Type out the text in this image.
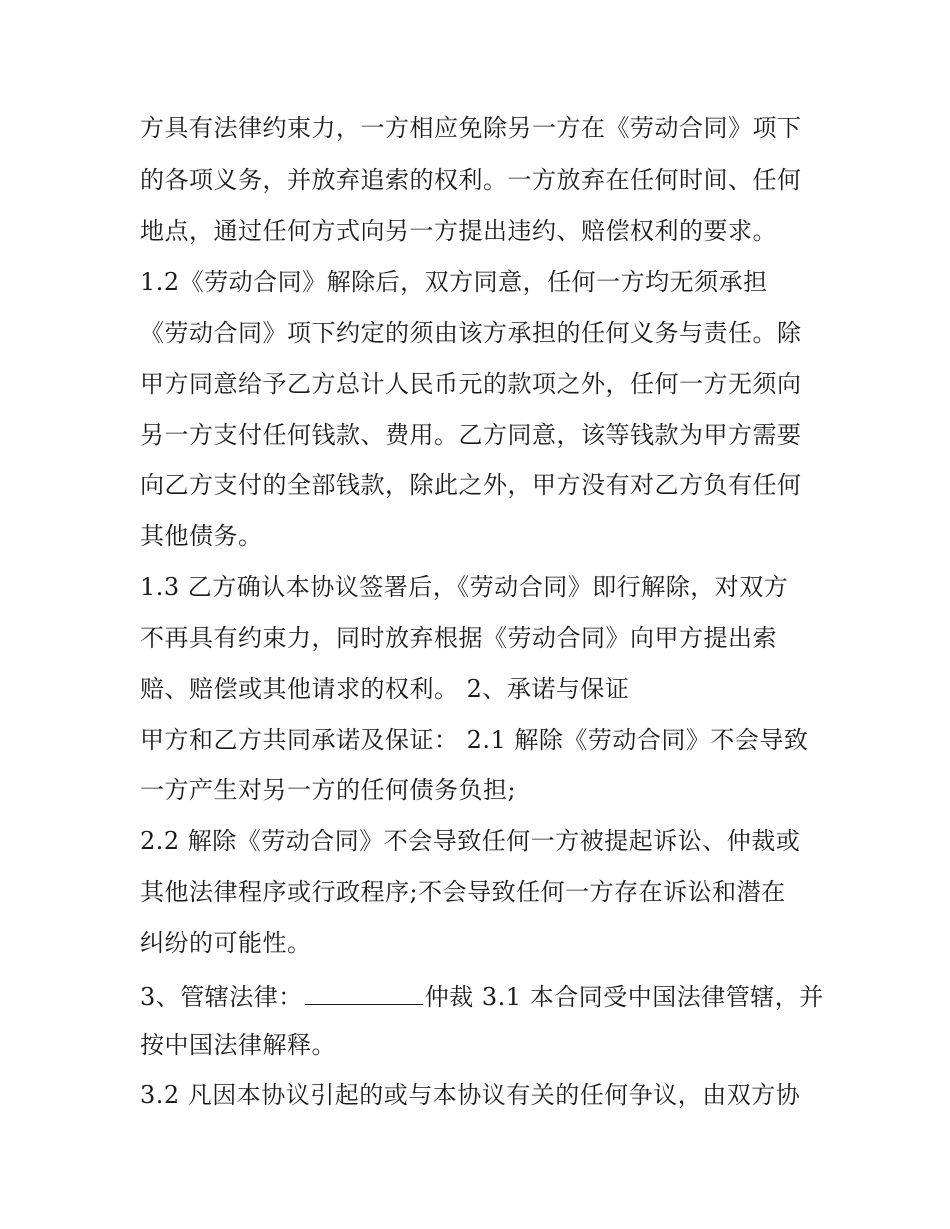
方具有法律约束力，一方相应免除另一方在《劳动合同》项下
的各项义务，并放弃追索的权利。一方放弃在任何时间、任何
地点，通过任何方式向另一方提出违约、赔偿权利的要求。
1.2《劳动合同》解除后，双方同意，任何一方均无须承担
《劳动合同》项下约定的须由该方承担的任何义务与责任。除
甲方同意给予乙方总计人民币元的款项之外，任何一方无须向
另一方支付任何钱款、费用。乙方同意，该等钱款为甲方需要
向乙方支付的全部钱款，除此之外，甲方没有对乙方负有任何
其他债务。
1.3 乙方确认本协议签署后，《劳动合同》即行解除，对双方
不再具有约束力，同时放弃根据《劳动合同》向甲方提出索
赔、赔偿或其他请求的权利。 2、承诺与保证
甲方和乙方共同承诺及保证： 2.1 解除《劳动合同》不会导致
一方产生对另一方的任何债务负担;
2.2 解除《劳动合同》不会导致任何一方被提起诉讼、仲裁或
其他法律程序或行政程序;不会导致任何一方存在诉讼和潜在
纠纷的可能性。
3、管辖法律：	仲裁 3.1 本合同受中国法律管辖，并
按中国法律解释。
3.2 凡因本协议引起的或与本协议有关的任何争议，由双方协
